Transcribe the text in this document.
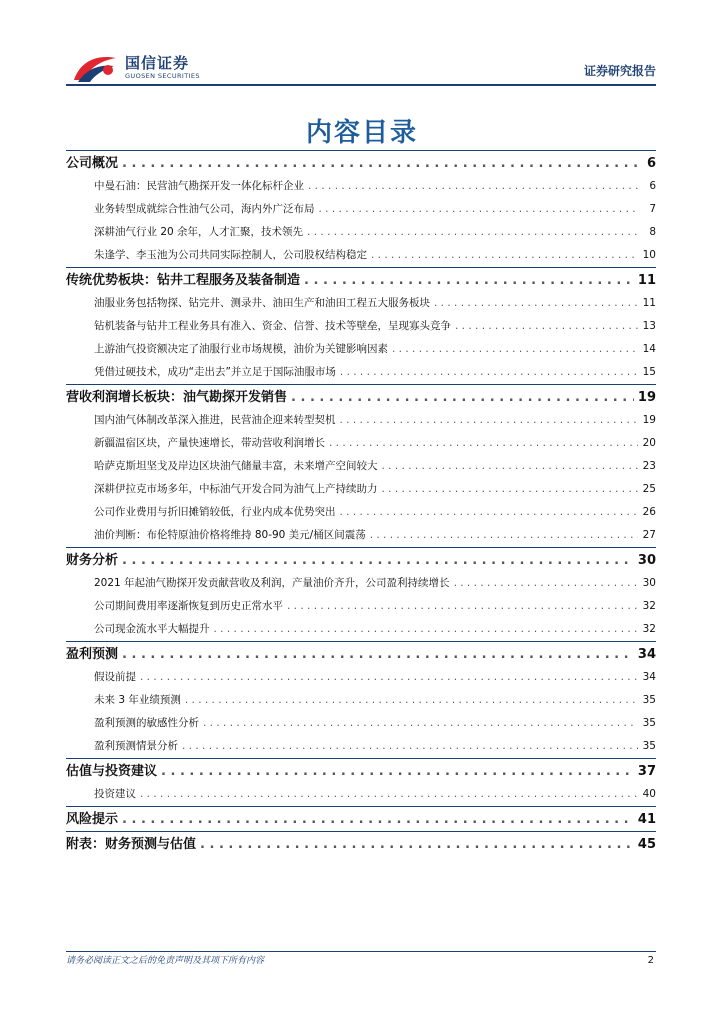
国信证券
GUOSEN SECURITIES	证券研究报告
内容目录
公司概况 . . .	6
中曼石油：民营油气勘探开发一体化标杆企业 . . .	6
业务转型成就综合性油气公司，海内外广泛布局 . . .	7
深耕油气行业 20 余年，人才汇聚，技术领先 . . .	8
朱逢学、李玉池为公司共同实际控制人，公司股权结构稳定 . . .	10
传统优势板块：钻井工程服务及装备制造 . . .	11
油服业务包括物探、钻完井、测录井、油田生产和油田工程五大服务板块 . . .	11
钻机装备与钻井工程业务具有准入、资金、信誉、技术等壁垒，呈现寡头竞争 . . .	13
上游油气投资额决定了油服行业市场规模，油价为关键影响因素 . . .	14
凭借过硬技术，成功“走出去”并立足于国际油服市场 . . .	15
营收利润增长板块：油气勘探开发销售 . . .	19
国内油气体制改革深入推进，民营油企迎来转型契机 . . .	19
新疆温宿区块，产量快速增长，带动营收利润增长 . . .	20
哈萨克斯坦坚戈及岸边区块油气储量丰富，未来增产空间较大 . . .	23
深耕伊拉克市场多年，中标油气开发合同为油气上产持续助力 . . .	25
公司作业费用与折旧摊销较低，行业内成本优势突出 . . .	26
油价判断：布伦特原油价格将维持 80-90 美元/桶区间震荡 . . .	27
财务分析 . . .	30
2021 年起油气勘探开发贡献营收及利润，产量油价齐升，公司盈利持续增长 . . .	30
公司期间费用率逐渐恢复到历史正常水平 . . .	32
公司现金流水平大幅提升 . . .	32
盈利预测 . . .	34
假设前提 . . .	34
未来 3 年业绩预测 . . .	35
盈利预测的敏感性分析 . . .	35
盈利预测情景分析 . . .	35
估值与投资建议 . . .	37
投资建议 . . .	40
风险提示 . . .	41
附表：财务预测与估值 . . .	45
请务必阅读正文之后的免责声明及其项下所有内容	2
